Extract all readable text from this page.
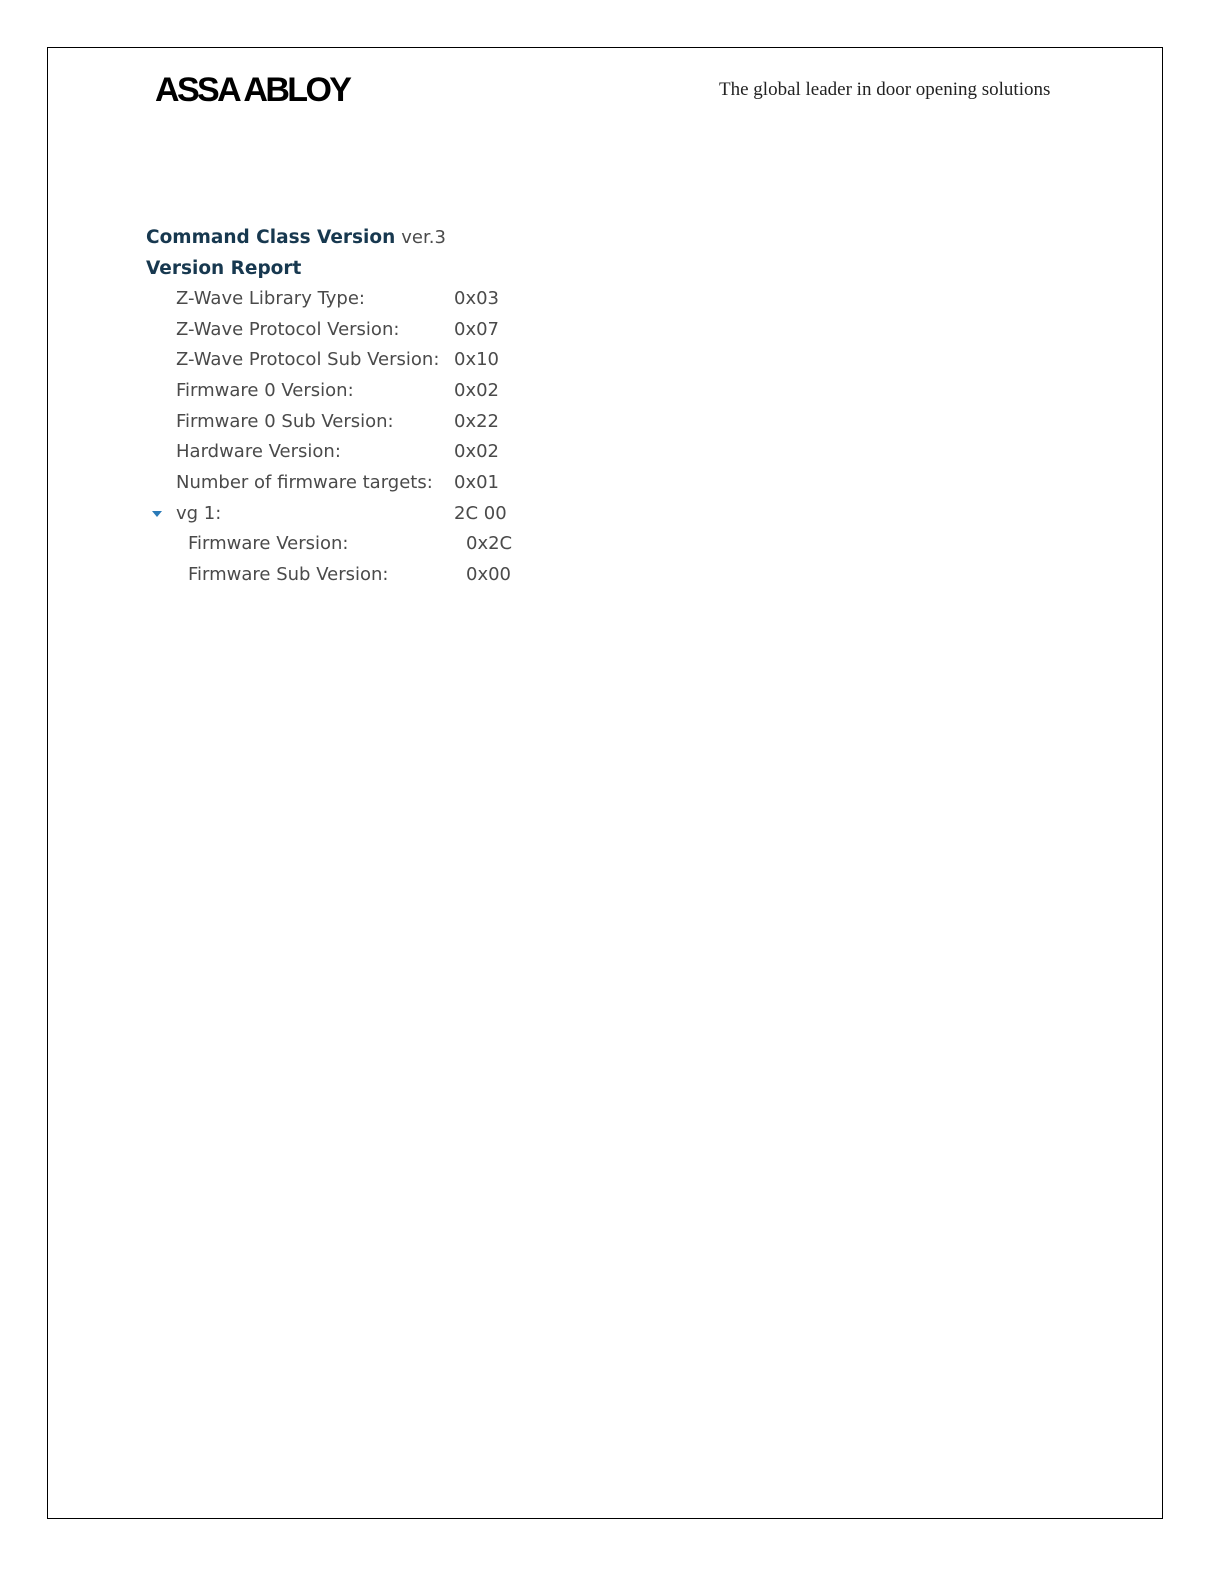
ASSA ABLOY	The global leader in door opening solutions
Command Class Version ver.3
Version Report
Z-Wave Library Type:	0x03
Z-Wave Protocol Version:	0x07
Z-Wave Protocol Sub Version: 0x10
Firmware 0 Version:	0x02
Firmware 0 Sub Version:	0x22
Hardware Version:	0x02
Number of firmware targets: 0x01
vg 1:	2C 00
Firmware Version:	0x2C
Firmware Sub Version:	0x00
